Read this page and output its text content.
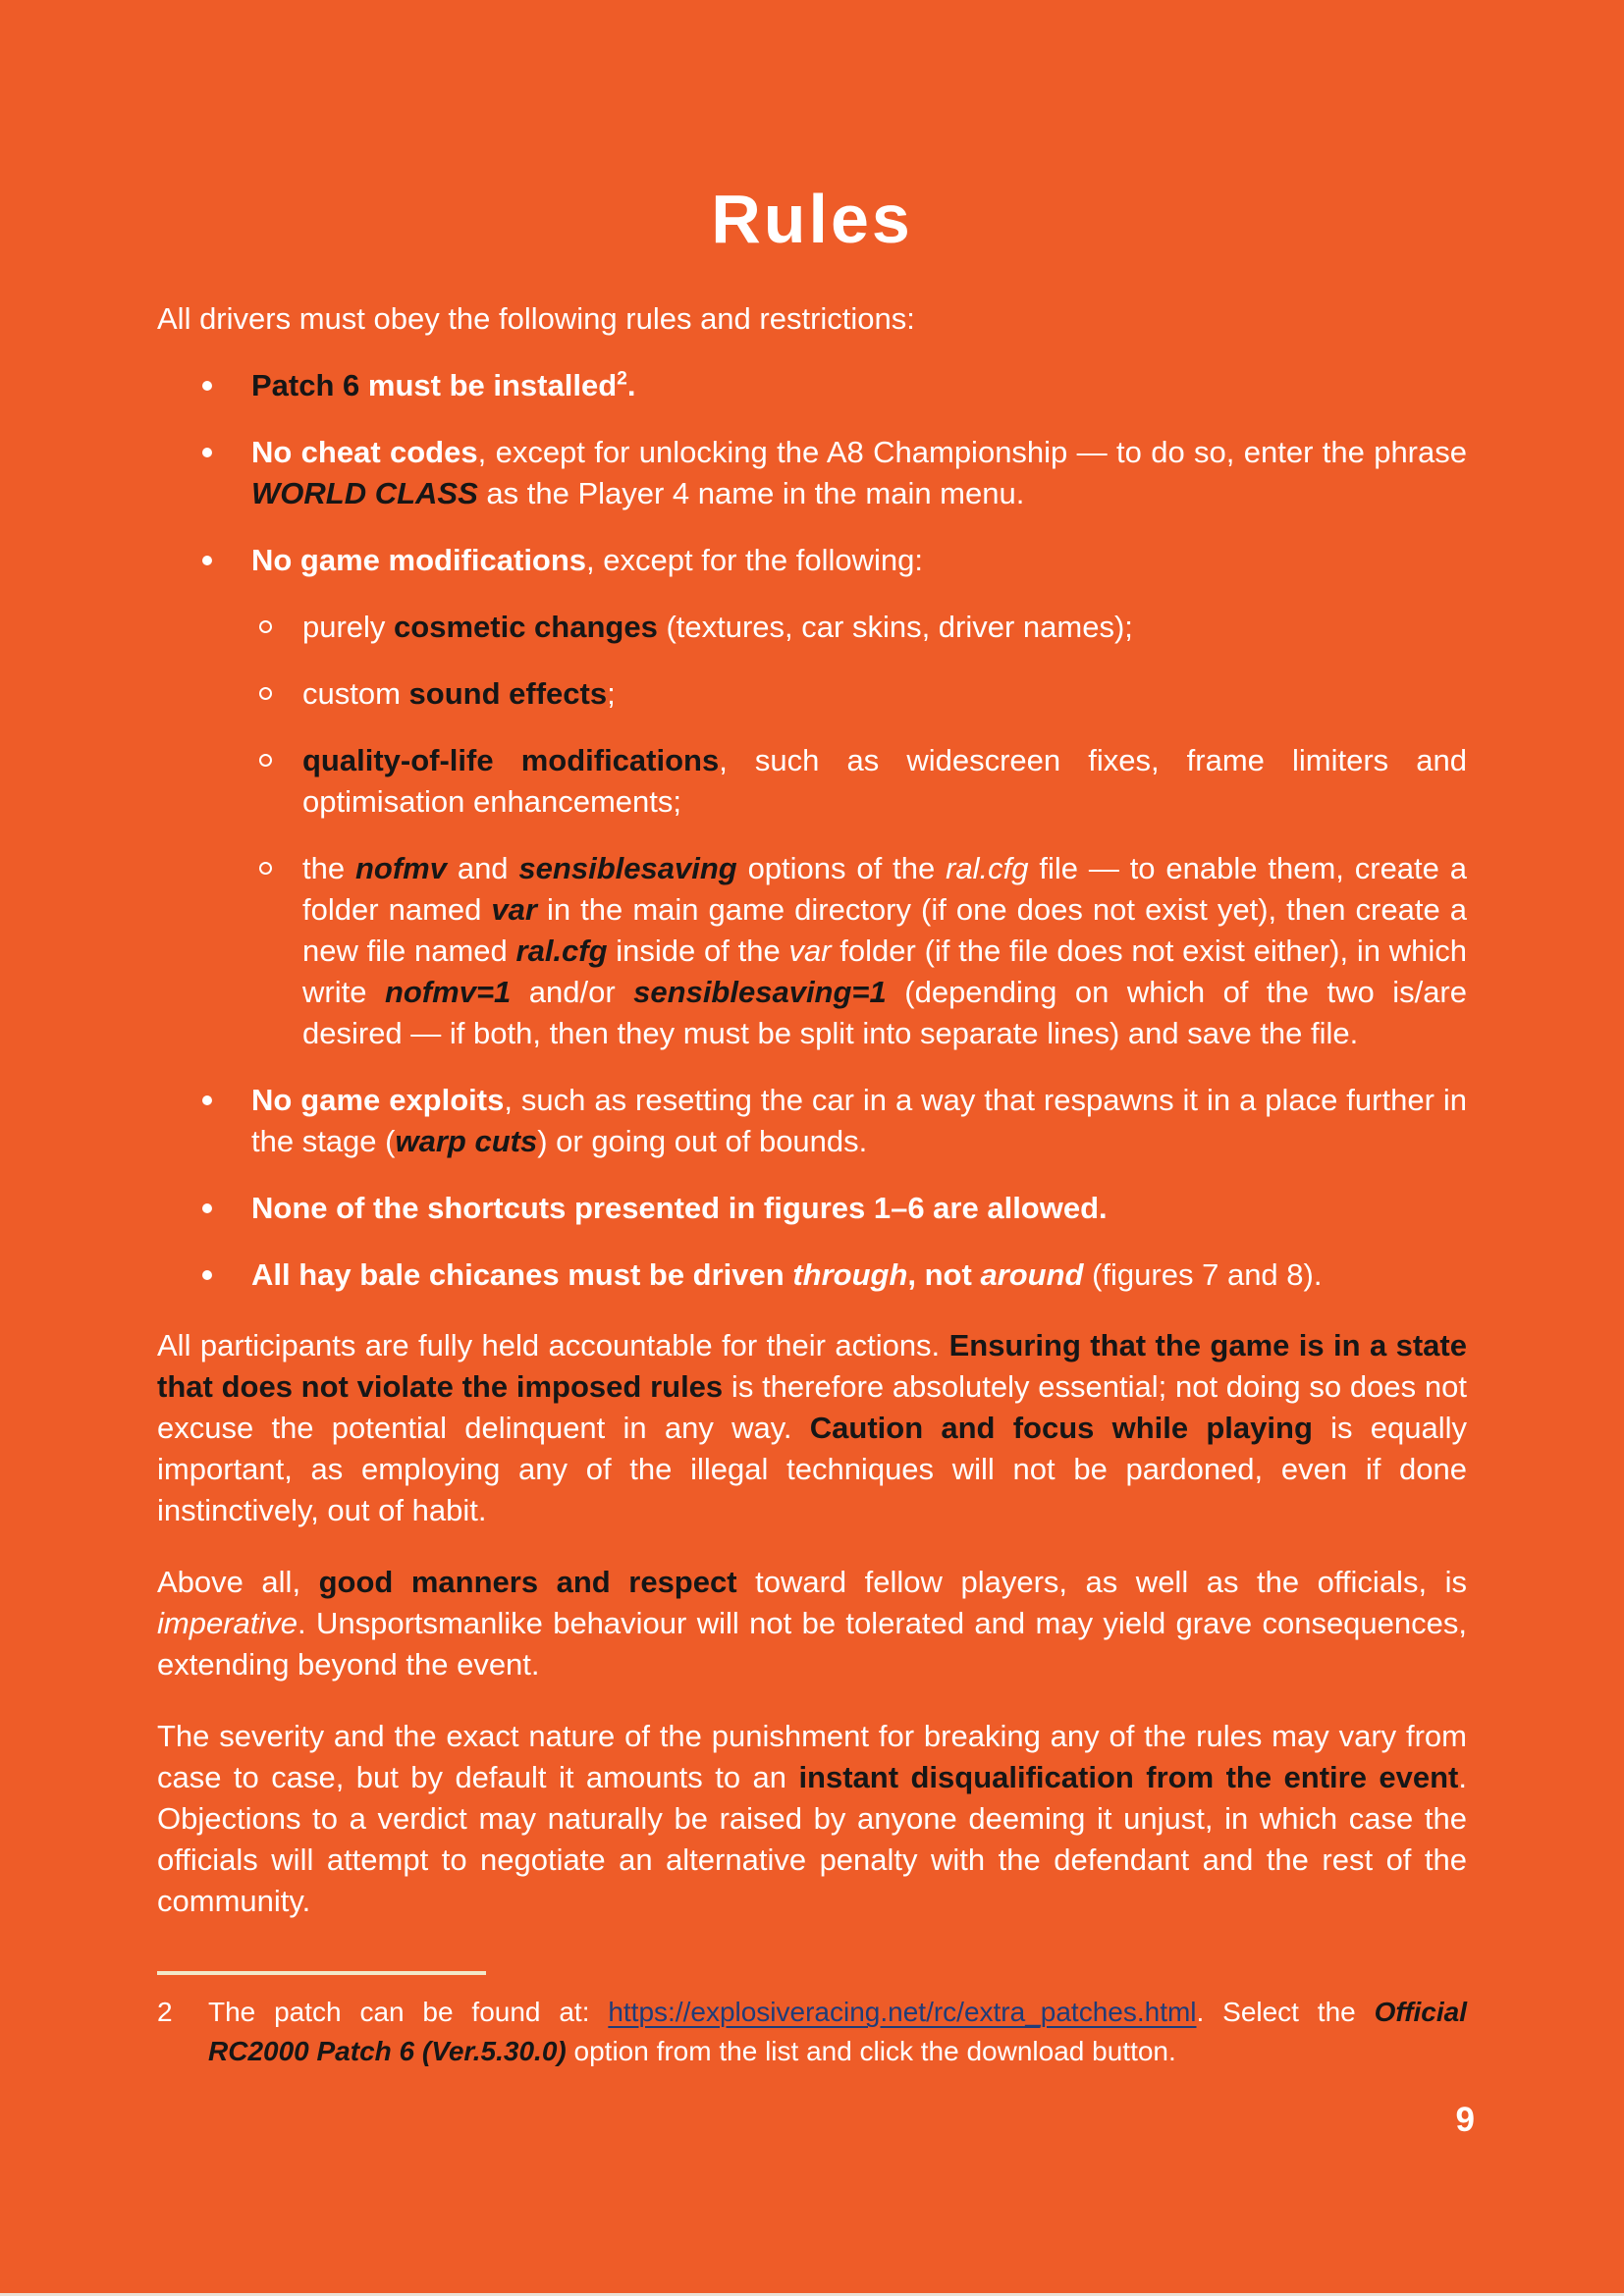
Rules

All drivers must obey the following rules and restrictions:

Patch 6 must be installed$^2$.
No cheat codes, except for unlocking the A8 Championship — to do so, enter the phrase WORLD CLASS as the Player 4 name in the main menu.
No game modifications, except for the following:
purely cosmetic changes (textures, car skins, driver names);
custom sound effects;
quality-of-life modifications, such as widescreen fixes, frame limiters and optimisation enhancements;
the nofmv and sensiblesaving options of the ral.cfg file — to enable them, create a folder named var in the main game directory (if one does not exist yet), then create a new file named ral.cfg inside of the var folder (if the file does not exist either), in which write nofmv=1 and/or sensiblesaving=1 (depending on which of the two is/are desired — if both, then they must be split into separate lines) and save the file.
No game exploits, such as resetting the car in a way that respawns it in a place further in the stage (warp cuts) or going out of bounds.
None of the shortcuts presented in figures 1–6 are allowed.
All hay bale chicanes must be driven through, not around (figures 7 and 8).

All participants are fully held accountable for their actions. Ensuring that the game is in a state that does not violate the imposed rules is therefore absolutely essential; not doing so does not excuse the potential delinquent in any way. Caution and focus while playing is equally important, as employing any of the illegal techniques will not be pardoned, even if done instinctively, out of habit.

Above all, good manners and respect toward fellow players, as well as the officials, is imperative. Unsportsmanlike behaviour will not be tolerated and may yield grave consequences, extending beyond the event.

The severity and the exact nature of the punishment for breaking any of the rules may vary from case to case, but by default it amounts to an instant disqualification from the entire event. Objections to a verdict may naturally be raised by anyone deeming it unjust, in which case the officials will attempt to negotiate an alternative penalty with the defendant and the rest of the community.

2	The patch can be found at: https://explosiveracing.net/rc/extra_patches.html. Select the Official RC2000 Patch 6 (Ver.5.30.0) option from the list and click the download button.
9
